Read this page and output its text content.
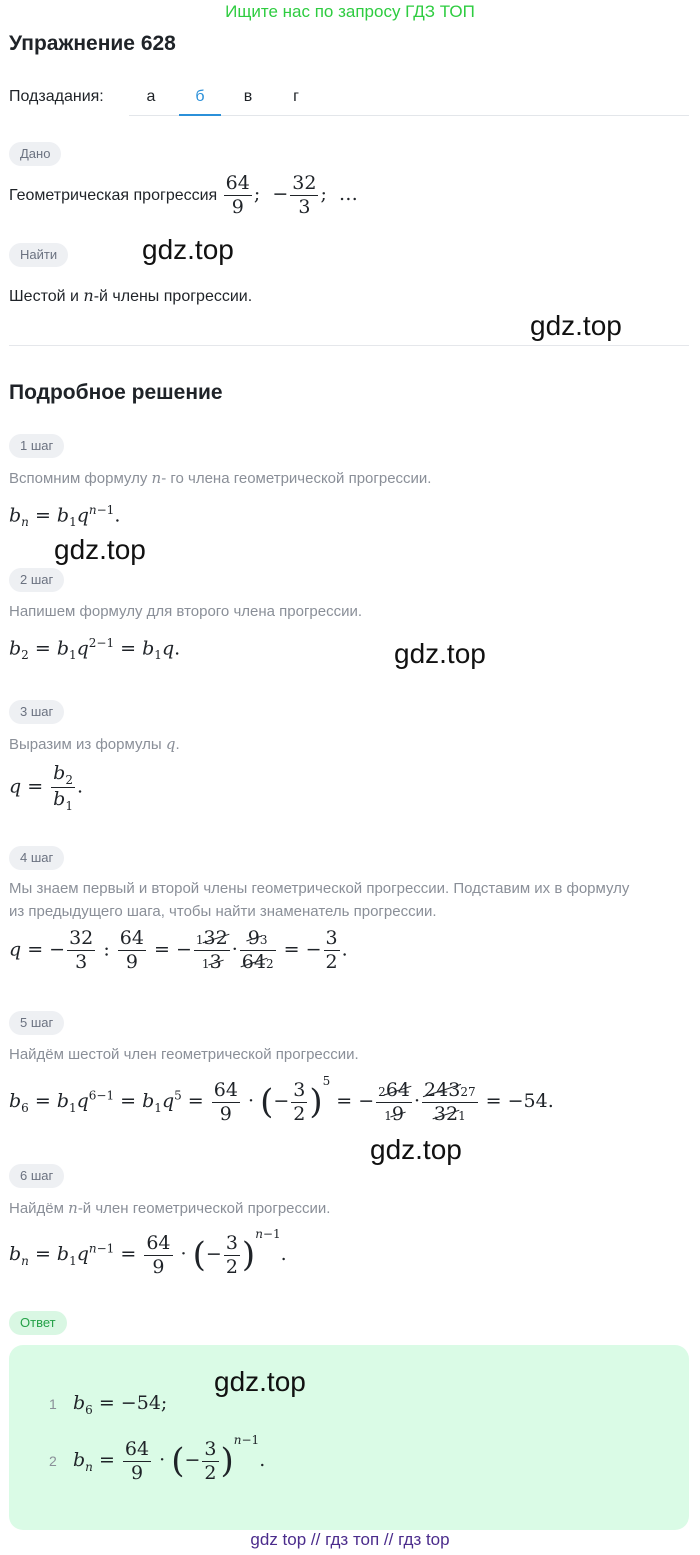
Ищите нас по запросу ГДЗ ТОП
Упражнение 628
Подзадания:	а	б	в	г
Дано
Геометрическая прогрессия $\frac{64}{9}$ ;  − $\frac{32}{3}$ ;  …
Найти
Шестой и n-й члены прогрессии.
gdz.top
gdz.top
Подробное решение
1 шаг
Вспомним формулу n- го члена геометрической прогрессии.
$b_n = b_1q^{n-1}$.
gdz.top
2 шаг
Напишем формулу для второго члена прогрессии.
$b_2 = b_1q^{2-1} = b_1q$.	gdz.top
3 шаг
Выразим из формулы q.
$q = \frac{b_2}{b_1}$ .
4 шаг
Мы знаем первый и второй члены геометрической прогрессии. Подставим их в формулу
из предыдущего шага, чтобы найти знаменатель прогрессии.
q = − $\frac{32}{3}$ : $\frac{64}{9}$ = − $\frac{132}{13} \cdot \frac{93}{642}$ = − $\frac{3}{2}$ .
5 шаг
Найдём шестой член геометрической прогрессии.
$b_6 = b_1q^{6-1} = b_1q^5 = \frac{64}{9}$ · (− $\frac{3}{2} )^5$ = − $\frac{264}{19} \cdot \frac{24327}{321} = -54$.
gdz.top
6 шаг
Найдём n-й член геометрической прогрессии.
$b_n = b_1q^{n-1} = \frac{64}{9}$ · (− $\frac{3}{2} )^{n-1}$.
Ответ
1 $b_6 = -54$;
2 $b_n = \frac{64}{9}$ · (− $\frac{3}{2} )^{n-1}$.
gdz.top
gdz top // гдз топ // гдз top
